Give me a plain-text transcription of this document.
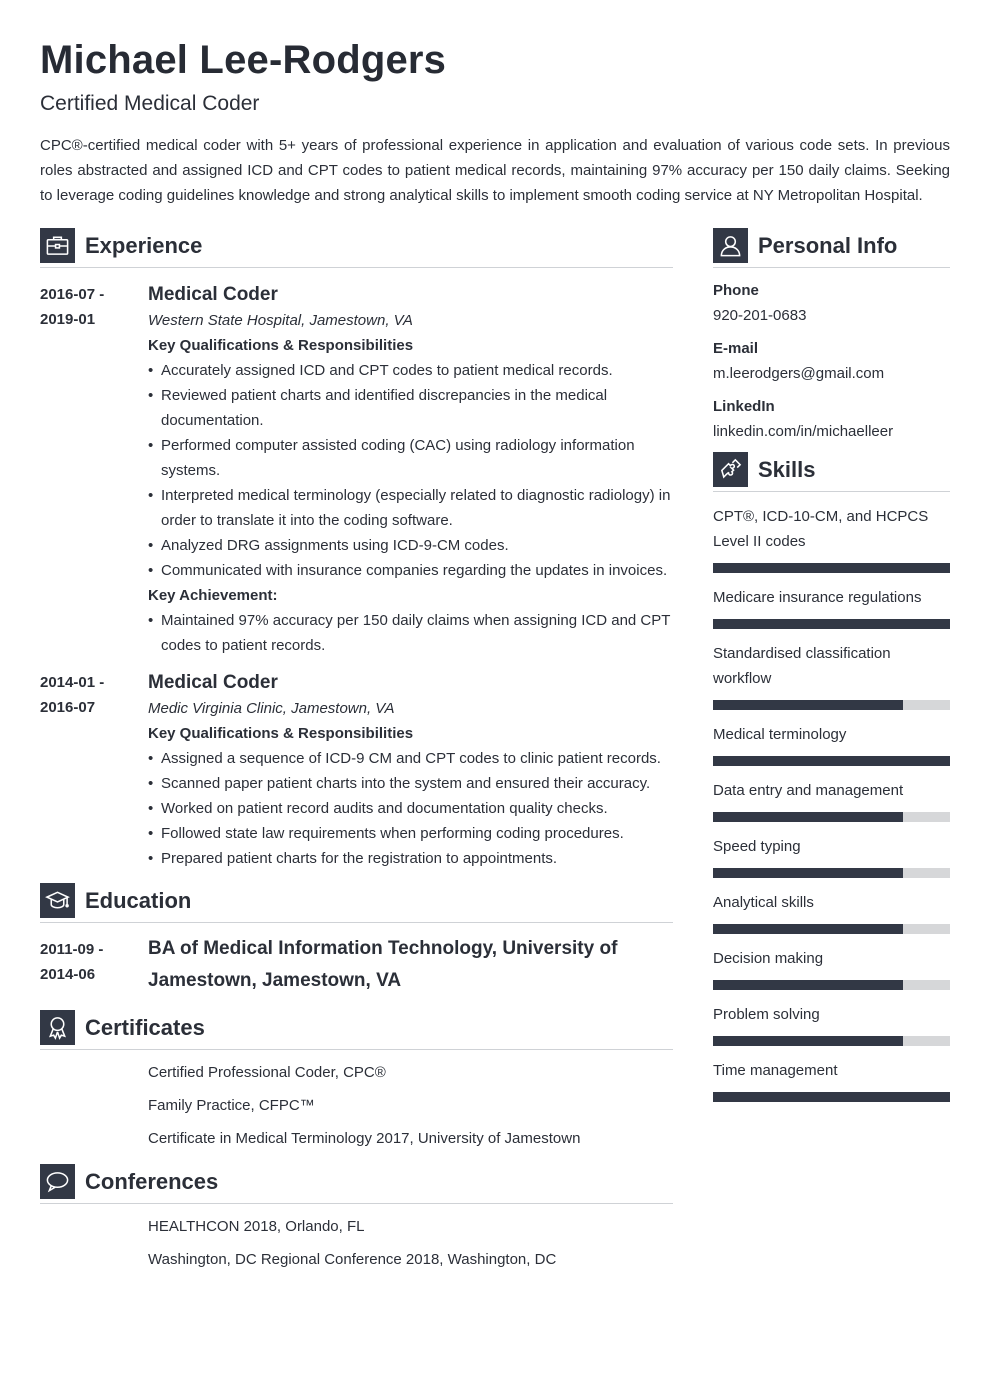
Michael Lee-Rodgers
Certified Medical Coder
CPC®-certified medical coder with 5+ years of professional experience in application and evaluation of various code sets. In previous roles abstracted and assigned ICD and CPT codes to patient medical records, maintaining 97% accuracy per 150 daily claims. Seeking to leverage coding guidelines knowledge and strong analytical skills to implement smooth coding service at NY Metropolitan Hospital.
Experience
2016-07 -
2019-01
Medical Coder
Western State Hospital, Jamestown, VA
Key Qualifications & Responsibilities
• Accurately assigned ICD and CPT codes to patient medical records.
• Reviewed patient charts and identified discrepancies in the medical documentation.
• Performed computer assisted coding (CAC) using radiology information systems.
• Interpreted medical terminology (especially related to diagnostic radiology) in order to translate it into the coding software.
• Analyzed DRG assignments using ICD-9-CM codes.
• Communicated with insurance companies regarding the updates in invoices.
Key Achievement:
• Maintained 97% accuracy per 150 daily claims when assigning ICD and CPT codes to patient records.
2014-01 -
2016-07
Medical Coder
Medic Virginia Clinic, Jamestown, VA
Key Qualifications & Responsibilities
• Assigned a sequence of ICD-9 CM and CPT codes to clinic patient records.
• Scanned paper patient charts into the system and ensured their accuracy.
• Worked on patient record audits and documentation quality checks.
• Followed state law requirements when performing coding procedures.
• Prepared patient charts for the registration to appointments.
Education
2011-09 -
2014-06
BA of Medical Information Technology, University of Jamestown, Jamestown, VA
Certificates
Certified Professional Coder, CPC®
Family Practice, CFPC™
Certificate in Medical Terminology 2017, University of Jamestown
Conferences
HEALTHCON 2018, Orlando, FL
Washington, DC Regional Conference 2018, Washington, DC
Personal Info
Phone
920-201-0683
E-mail
m.leerodgers@gmail.com
LinkedIn
linkedin.com/in/michaelleer
Skills
CPT®, ICD-10-CM, and HCPCS Level II codes
Medicare insurance regulations
Standardised classification workflow
Medical terminology
Data entry and management
Speed typing
Analytical skills
Decision making
Problem solving
Time management
